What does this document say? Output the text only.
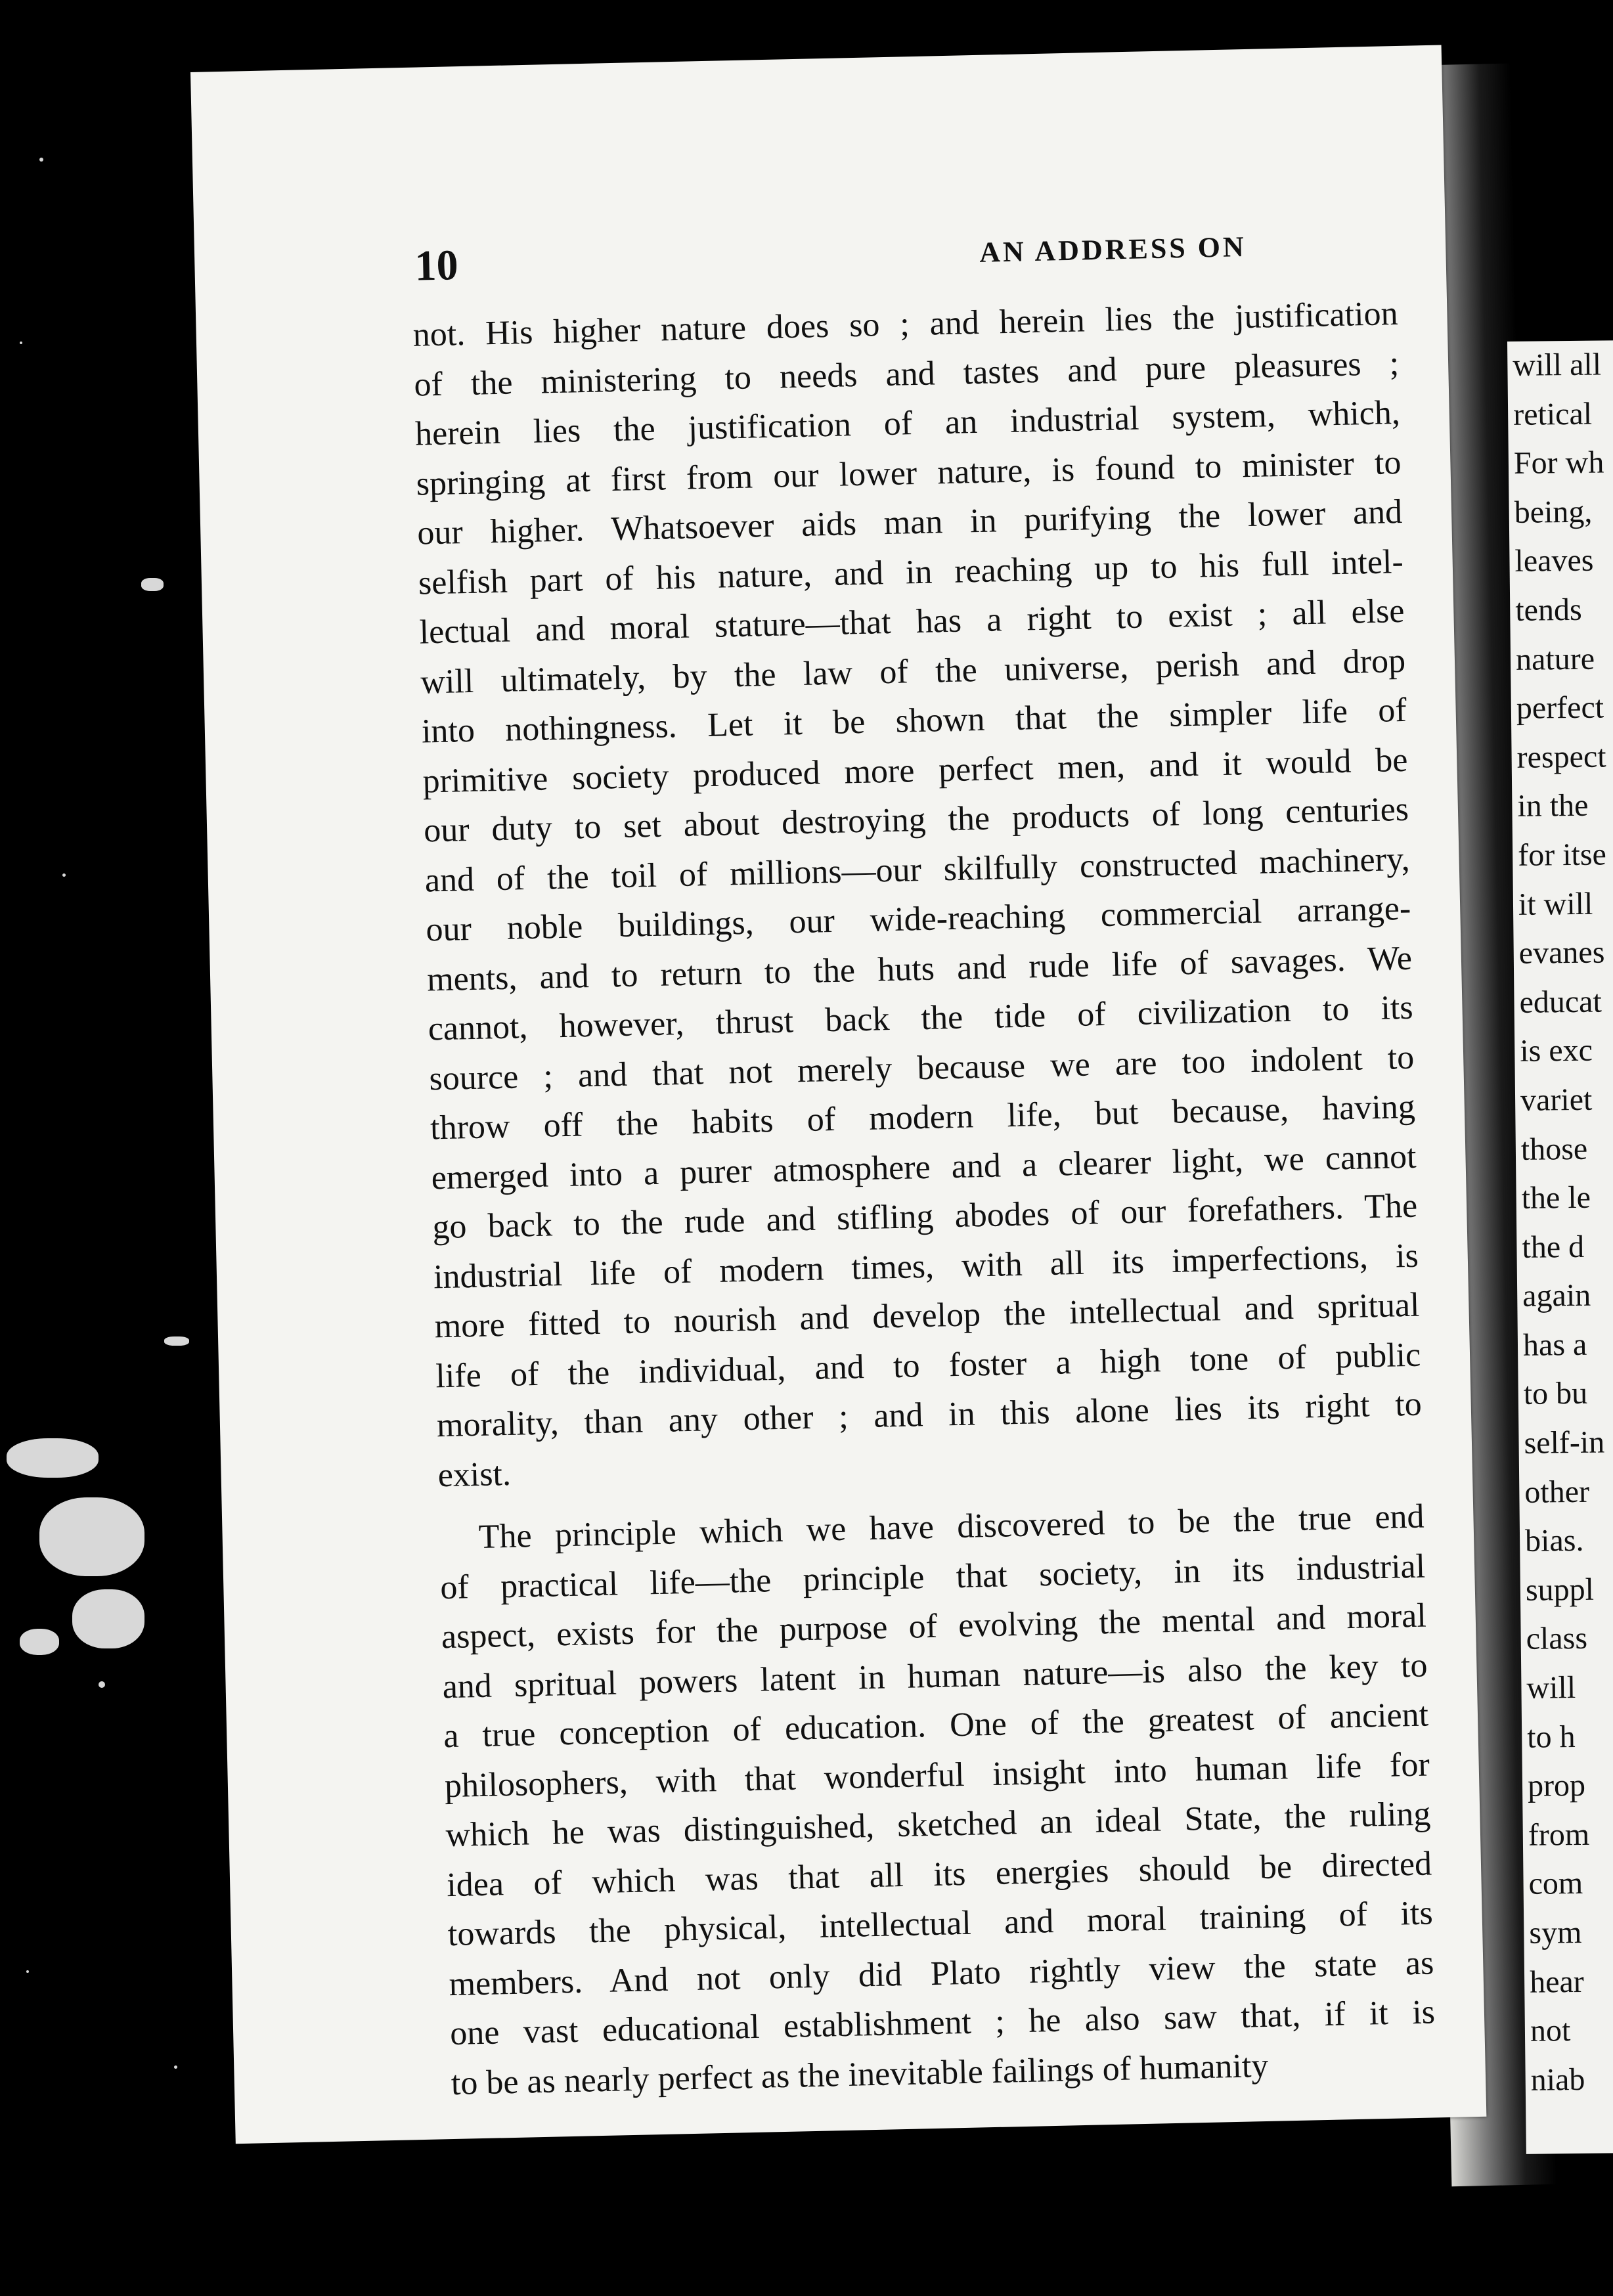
will all
retical
For wh
being,
leaves
tends
nature
perfect
respect
in the
for itse
it will
evanes
educat
is exc
variet
those
the le
the d
again
has a
to bu
self-in
other
bias.
suppl
class
will
to h
prop
from
com
sym
hear
not
niab
10	AN ADDRESS ON
not. His higher nature does so ; and herein lies the justification
of the ministering to needs and tastes and pure pleasures ;
herein lies the justification of an industrial system, which,
springing at first from our lower nature, is found to minister to
our higher. Whatsoever aids man in purifying the lower and
selfish part of his nature, and in reaching up to his full intel-
lectual and moral stature—that has a right to exist ; all else
will ultimately, by the law of the universe, perish and drop
into nothingness. Let it be shown that the simpler life of
primitive society produced more perfect men, and it would be
our duty to set about destroying the products of long centuries
and of the toil of millions—our skilfully constructed machinery,
our noble buildings, our wide-reaching commercial arrange-
ments, and to return to the huts and rude life of savages. We
cannot, however, thrust back the tide of civilization to its
source ; and that not merely because we are too indolent to
throw off the habits of modern life, but because, having
emerged into a purer atmosphere and a clearer light, we cannot
go back to the rude and stifling abodes of our forefathers. The
industrial life of modern times, with all its imperfections, is
more fitted to nourish and develop the intellectual and spritual
life of the individual, and to foster a high tone of public
morality, than any other ; and in this alone lies its right to
exist.
The principle which we have discovered to be the true end
of practical life—the principle that society, in its industrial
aspect, exists for the purpose of evolving the mental and moral
and spritual powers latent in human nature—is also the key to
a true conception of education. One of the greatest of ancient
philosophers, with that wonderful insight into human life for
which he was distinguished, sketched an ideal State, the ruling
idea of which was that all its energies should be directed
towards the physical, intellectual and moral training of its
members. And not only did Plato rightly view the state as
one vast educational establishment ; he also saw that, if it is
to be as nearly perfect as the inevitable failings of humanity
